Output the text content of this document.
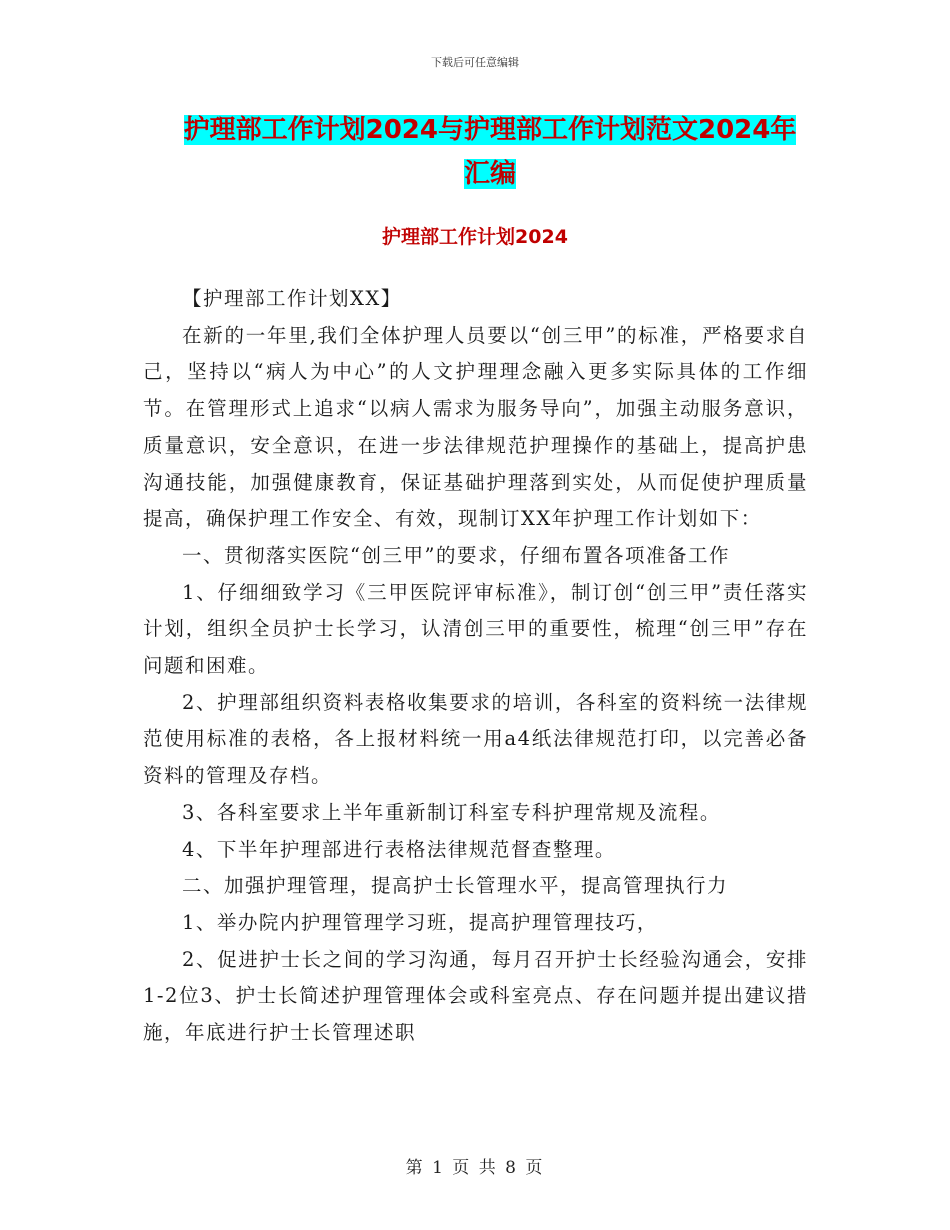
下载后可任意编辑
护理部工作计划2024与护理部工作计划范文2024年
汇编
护理部工作计划2024

【护理部工作计划XX】

在新的一年里,我们全体护理人员要以“创三甲”的标准，严格要求自己，坚持以“病人为中心”的人文护理理念融入更多实际具体的工作细节。在管理形式上追求“以病人需求为服务导向”，加强主动服务意识，质量意识，安全意识，在进一步法律规范护理操作的基础上，提高护患沟通技能，加强健康教育，保证基础护理落到实处，从而促使护理质量提高，确保护理工作安全、有效，现制订XX年护理工作计划如下：

一、贯彻落实医院“创三甲”的要求，仔细布置各项准备工作

1、仔细细致学习《三甲医院评审标准》，制订创“创三甲”责任落实计划，组织全员护士长学习，认清创三甲的重要性，梳理“创三甲”存在问题和困难。

2、护理部组织资料表格收集要求的培训，各科室的资料统一法律规范使用标准的表格，各上报材料统一用a4纸法律规范打印，以完善必备资料的管理及存档。

3、各科室要求上半年重新制订科室专科护理常规及流程。

4、下半年护理部进行表格法律规范督查整理。

二、加强护理管理，提高护士长管理水平，提高管理执行力

1、举办院内护理管理学习班，提高护理管理技巧，

2、促进护士长之间的学习沟通，每月召开护士长经验沟通会，安排1-2位3、护士长简述护理管理体会或科室亮点、存在问题并提出建议措施，年底进行护士长管理述职

第 1 页 共 8 页
